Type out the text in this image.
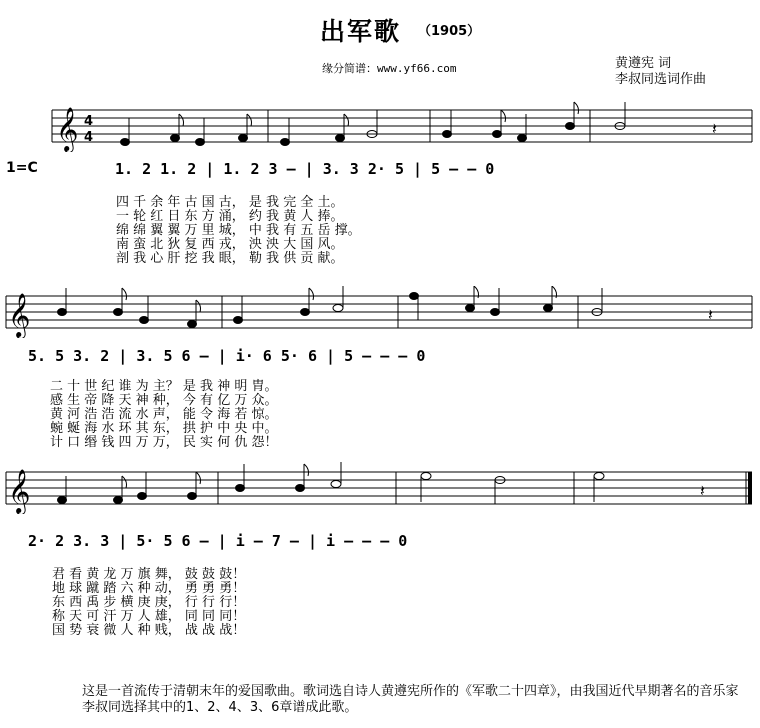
出军歌 （1905）
缘分简谱：www.yf66.com	黄遵宪 词
李叔同选词作曲
𝄞 4
4	𝄽
1=C	1. 2 1. 2 | 1. 2 3 — | 3. 3 2· 5 | 5 — — 0
四 千 余 年 古 国 古， 是 我 完 全 土。
一 轮 红 日 东 方 涌， 约 我 黄 人 捧。
绵 绵 翼 翼 万 里 城， 中 我 有 五 岳 撑。
南 蛮 北 狄 复 西 戎， 泱 泱 大 国 风。
剖 我 心 肝 挖 我 眼， 勒 我 供 贡 献。
𝄞	𝄽
5. 5 3. 2 | 3. 5 6 — | i· 6 5· 6 | 5 — — — 0
二 十 世 纪 谁 为 主？ 是 我 神 明 胄。
感 生 帝 降 天 神 种， 今 有 亿 万 众。
黄 河 浩 浩 流 水 声， 能 令 海 若 惊。
蜿 蜒 海 水 环 其 东， 拱 护 中 央 中。
计 口 缗 钱 四 万 万， 民 实 何 仇 怨！
𝄞	𝄽
2· 2 3. 3 | 5· 5 6 — | i — 7 — | i — — — 0
君 看 黄 龙 万 旗 舞， 鼓 鼓 鼓！
地 球 蹴 踏 六 种 动， 勇 勇 勇！
东 西 禹 步 横 庚 庚， 行 行 行！
称 天 可 汗 万 人 雄， 同 同 同！
国 势 衰 微 人 种 贱， 战 战 战！
这是一首流传于清朝末年的爱国歌曲。歌词选自诗人黄遵宪所作的《军歌二十四章》，由我国近代早期著名的音乐家李叔同选择其中的1、2、4、3、6章谱成此歌。
